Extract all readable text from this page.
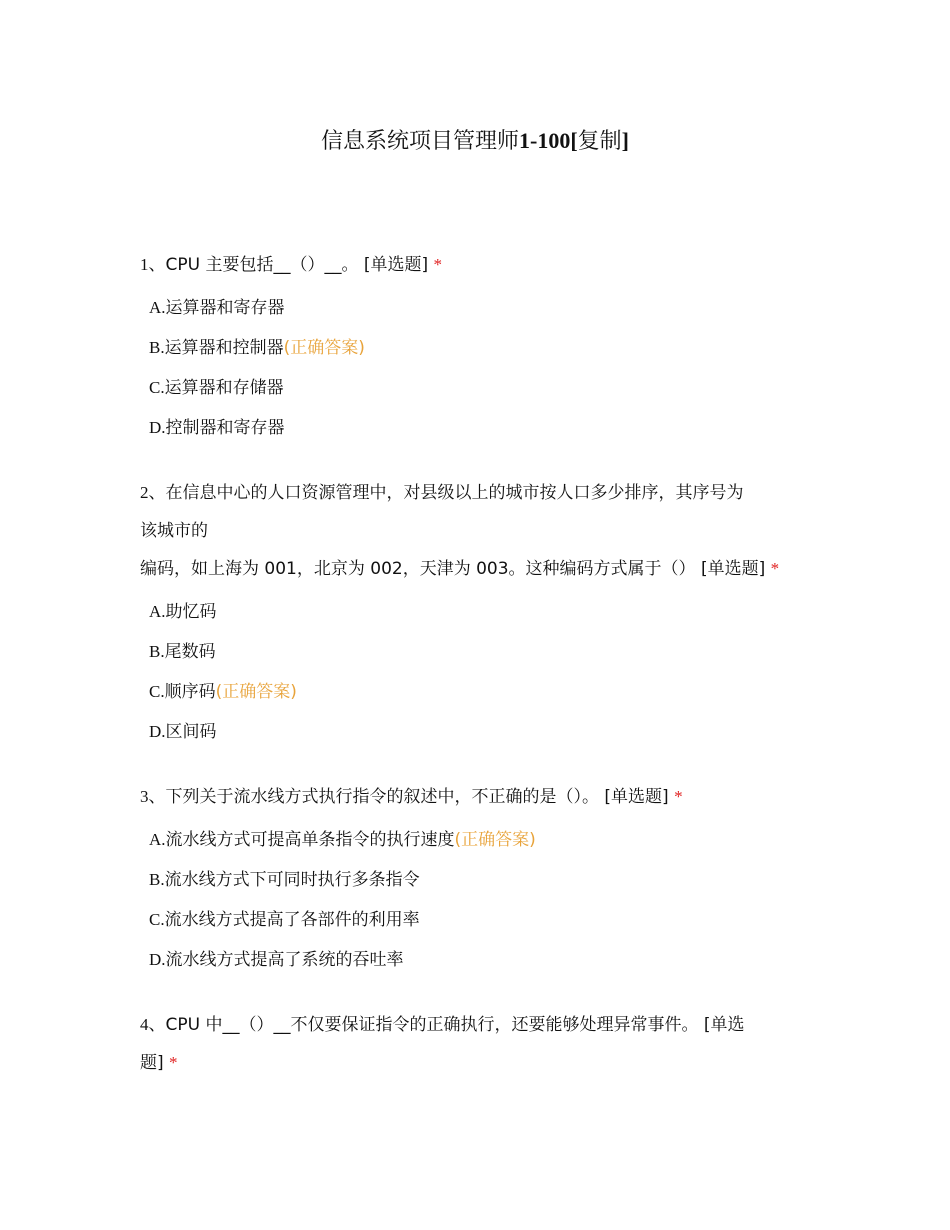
信息系统项目管理师1-100[复制]

1、CPU 主要包括__（）__。 [单选题] *

A.运算器和寄存器
B.运算器和控制器(正确答案)
C.运算器和存储器
D.控制器和寄存器

2、在信息中心的人口资源管理中，对县级以上的城市按人口多少排序，其序号为
该城市的
编码，如上海为 001，北京为 002，天津为 003。这种编码方式属于（） [单选题] *

A.助忆码
B.尾数码
C.顺序码(正确答案)
D.区间码

3、下列关于流水线方式执行指令的叙述中，不正确的是（）。 [单选题] *

A.流水线方式可提高单条指令的执行速度(正确答案)
B.流水线方式下可同时执行多条指令
C.流水线方式提高了各部件的利用率
D.流水线方式提高了系统的吞吐率

4、CPU 中__（）__不仅要保证指令的正确执行，还要能够处理异常事件。 [单选
题] *
